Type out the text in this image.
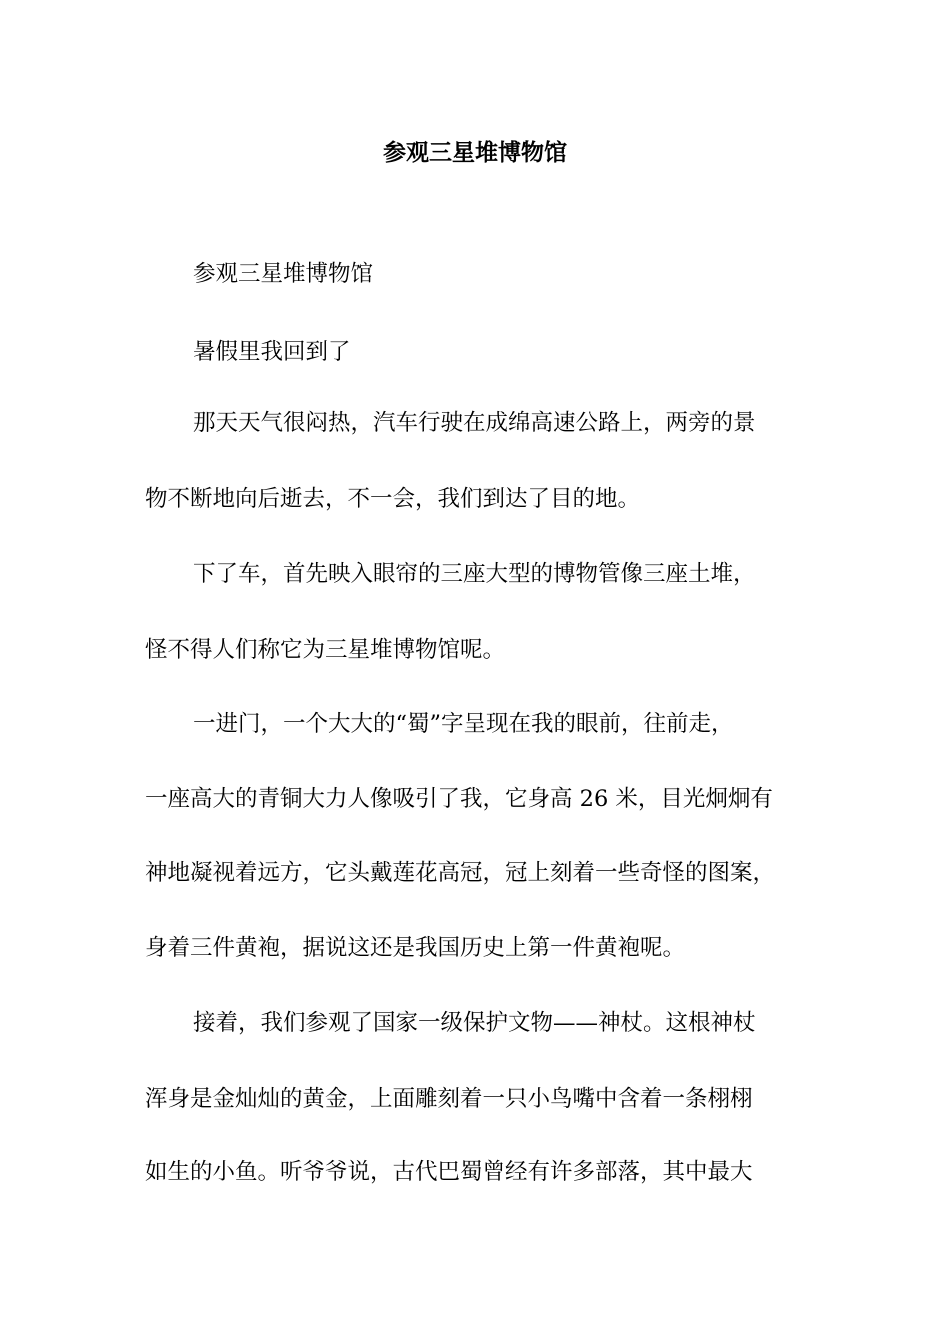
参观三星堆博物馆

参观三星堆博物馆

暑假里我回到了

那天天气很闷热，汽车行驶在成绵高速公路上，两旁的景

物不断地向后逝去，不一会，我们到达了目的地。

下了车，首先映入眼帘的三座大型的博物管像三座土堆，

怪不得人们称它为三星堆博物馆呢。

一进门，一个大大的“蜀”字呈现在我的眼前，往前走，

一座高大的青铜大力人像吸引了我，它身高 26 米，目光炯炯有

神地凝视着远方，它头戴莲花高冠，冠上刻着一些奇怪的图案，

身着三件黄袍，据说这还是我国历史上第一件黄袍呢。

接着，我们参观了国家一级保护文物——神杖。这根神杖

浑身是金灿灿的黄金，上面雕刻着一只小鸟嘴中含着一条栩栩

如生的小鱼。听爷爷说，古代巴蜀曾经有许多部落，其中最大
